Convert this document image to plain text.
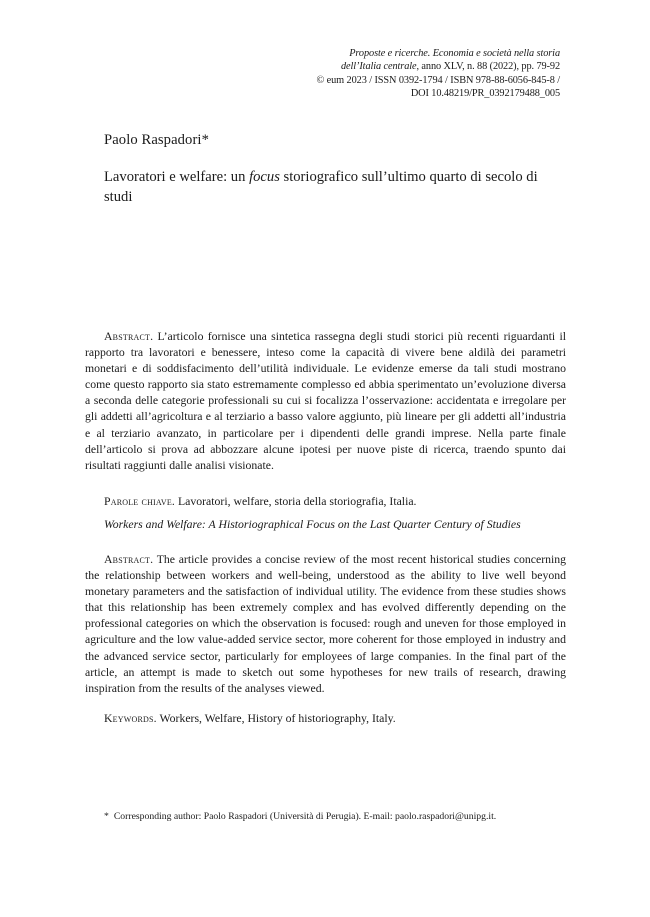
Proposte e ricerche. Economia e società nella storia
dell’Italia centrale, anno XLV, n. 88 (2022), pp. 79-92
© eum 2023 / ISSN 0392-1794 / ISBN 978-88-6056-845-8 /
DOI 10.48219/PR_0392179488_005
Paolo Raspadori*
Lavoratori e welfare: un focus storiografico sull’ultimo quarto di secolo di studi

Abstract. L’articolo fornisce una sintetica rassegna degli studi storici più recenti riguardanti il rapporto tra lavoratori e benessere, inteso come la capacità di vivere bene aldilà dei parametri monetari e di soddisfacimento dell’utilità individuale. Le evidenze emerse da tali studi mostrano come questo rapporto sia stato estremamente complesso ed abbia sperimentato un’evoluzione diversa a seconda delle categorie professionali su cui si focalizza l’osservazione: accidentata e irregolare per gli addetti all’agricoltura e al terziario a basso valore aggiunto, più lineare per gli addetti all’industria e al terziario avanzato, in particolare per i dipendenti delle grandi imprese. Nella parte finale dell’articolo si prova ad abbozzare alcune ipotesi per nuove piste di ricerca, traendo spunto dai risultati raggiunti dalle analisi visionate.

Parole chiave. Lavoratori, welfare, storia della storiografia, Italia.

Workers and Welfare: A Historiographical Focus on the Last Quarter Century of Studies

Abstract. The article provides a concise review of the most recent historical studies concerning the relationship between workers and well-being, understood as the ability to live well beyond monetary parameters and the satisfaction of individual utility. The evidence from these studies shows that this relationship has been extremely complex and has evolved differently depending on the professional categories on which the observation is focused: rough and uneven for those employed in agriculture and the low value-added service sector, more coherent for those employed in industry and the advanced service sector, particularly for employees of large companies. In the final part of the article, an attempt is made to sketch out some hypotheses for new trails of research, drawing inspiration from the results of the analyses viewed.

Keywords. Workers, Welfare, History of historiography, Italy.

* Corresponding author: Paolo Raspadori (Università di Perugia). E-mail: paolo.raspadori@unipg.it.
